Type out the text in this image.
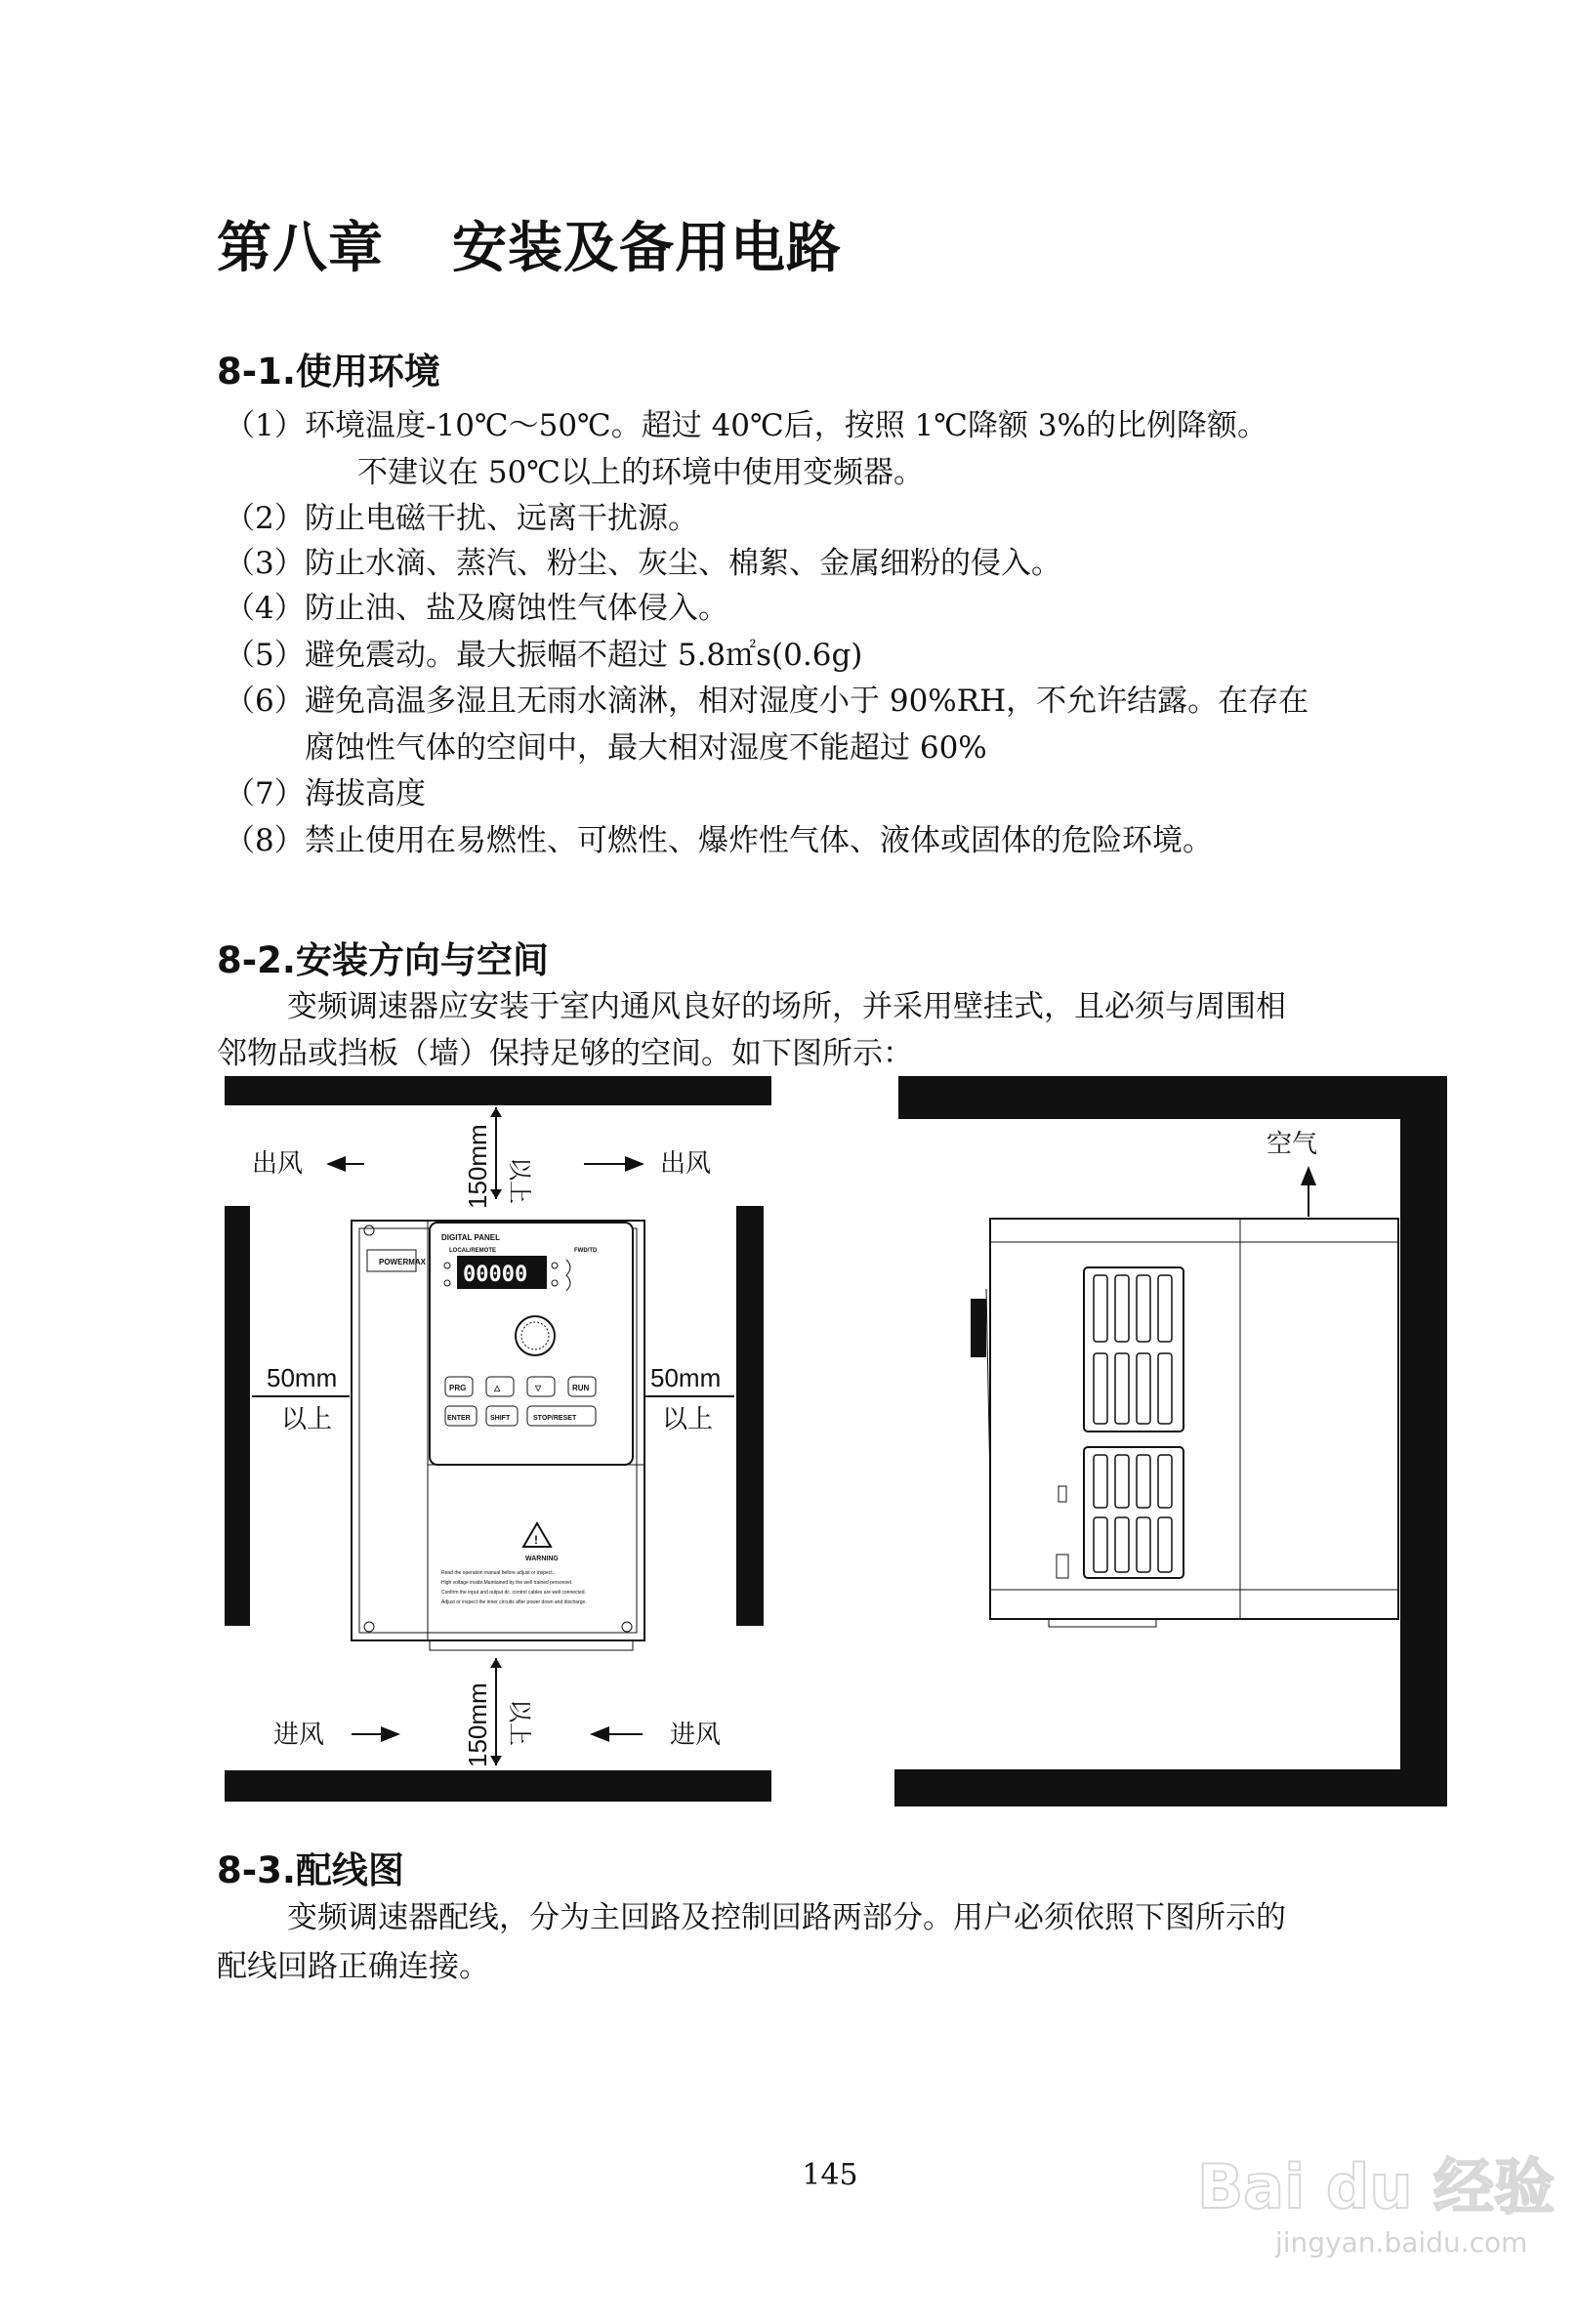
第八章 安装及备用电路
8-1.使用环境
（1）环境温度-10℃～50℃。超过 40℃后，按照 1℃降额 3%的比例降额。
不建议在 50℃以上的环境中使用变频器。
（2）防止电磁干扰、远离干扰源。
（3）防止水滴、蒸汽、粉尘、灰尘、棉絮、金属细粉的侵入。
（4）防止油、盐及腐蚀性气体侵入。
（5）避免震动。最大振幅不超过 5.8㎡s(0.6g)
（6）避免高温多湿且无雨水滴淋，相对湿度小于 90%RH，不允许结露。在存在
腐蚀性气体的空间中，最大相对湿度不能超过 60%
（7）海拔高度
（8）禁止使用在易燃性、可燃性、爆炸性气体、液体或固体的危险环境。
8-2.安装方向与空间
变频调速器应安装于室内通风良好的场所，并采用壁挂式，且必须与周围相
邻物品或挡板（墙）保持足够的空间。如下图所示：
出风	出风
150mm 以上
50mm
以上
50mm
以上
POWERMAX
DIGITAL PANEL
LOCAL/REMOTE	FWD/TD
00000
PRG	△	▽	RUN
ENTER	SHIFT	STOP/RESET
!
WARNING
Read the operation manual before adjust or inspect.
High voltage inside.Maintained by the well trained personnel.
Confirm the input and output dc. control cables are well connected.
Adjust or inspect the inner circuits after power down and discharge.
进风	进风
150mm 以上
空气
8-3.配线图
变频调速器配线，分为主回路及控制回路两部分。用户必须依照下图所示的
配线回路正确连接。
145	Bai du 经验
jingyan.baidu.com
